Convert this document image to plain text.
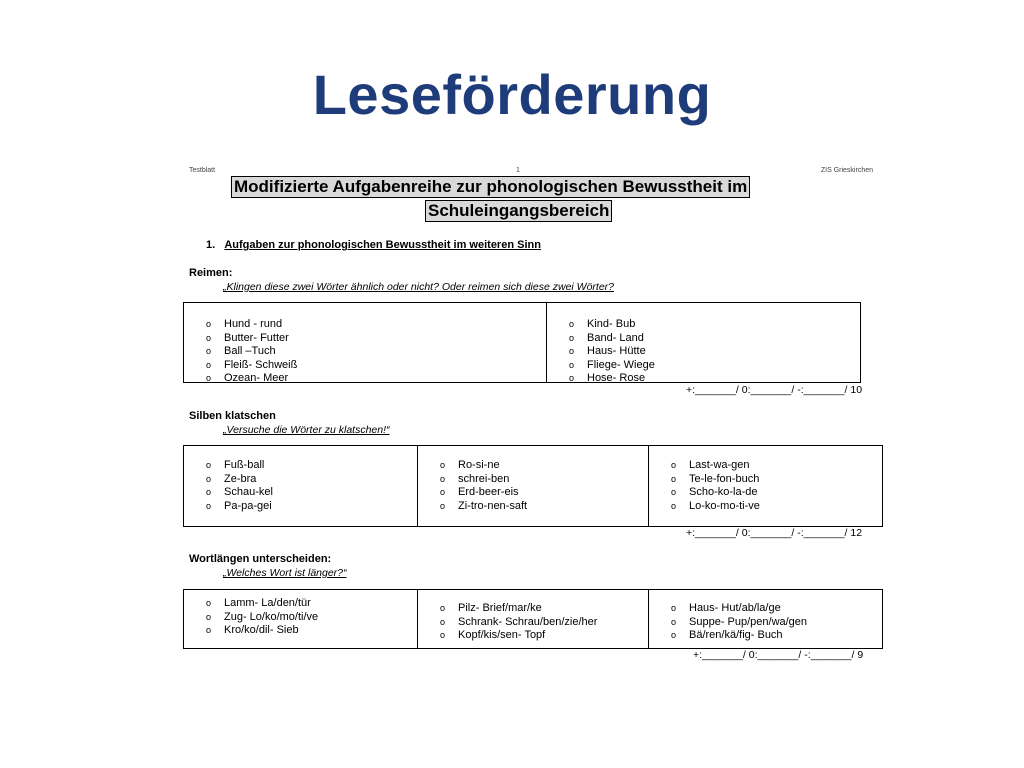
Leseförderung
Testblatt	1	ZIS Grieskirchen
Modifizierte Aufgabenreihe zur phonologischen Bewusstheit im
Schuleingangsbereich
1. Aufgaben zur phonologischen Bewusstheit im weiteren Sinn
Reimen:
„Klingen diese zwei Wörter ähnlich oder nicht? Oder reimen sich diese zwei Wörter?
o Hund - rund
o Butter- Futter
o Ball –Tuch
o Fleiß- Schweiß
o Ozean- Meer
o Kind- Bub
o Band- Land
o Haus- Hütte
o Fliege- Wiege
o Hose- Rose
+:_______/ 0:_______/ -:_______/ 10
Silben klatschen
„Versuche die Wörter zu klatschen!“
o Fuß-ball
o Ze-bra
o Schau-kel
o Pa-pa-gei
o Ro-si-ne
o schrei-ben
o Erd-beer-eis
o Zi-tro-nen-saft
o Last-wa-gen
o Te-le-fon-buch
o Scho-ko-la-de
o Lo-ko-mo-ti-ve
+:_______/ 0:_______/ -:_______/ 12
Wortlängen unterscheiden:
„Welches Wort ist länger?“
o Lamm- La/den/tür
o Zug- Lo/ko/mo/ti/ve
o Kro/ko/dil- Sieb
o Pilz- Brief/mar/ke
o Schrank- Schrau/ben/zie/her
o Kopf/kis/sen- Topf
o Haus- Hut/ab/la/ge
o Suppe- Pup/pen/wa/gen
o Bä/ren/kä/fig- Buch
+:_______/ 0:_______/ -:_______/ 9
